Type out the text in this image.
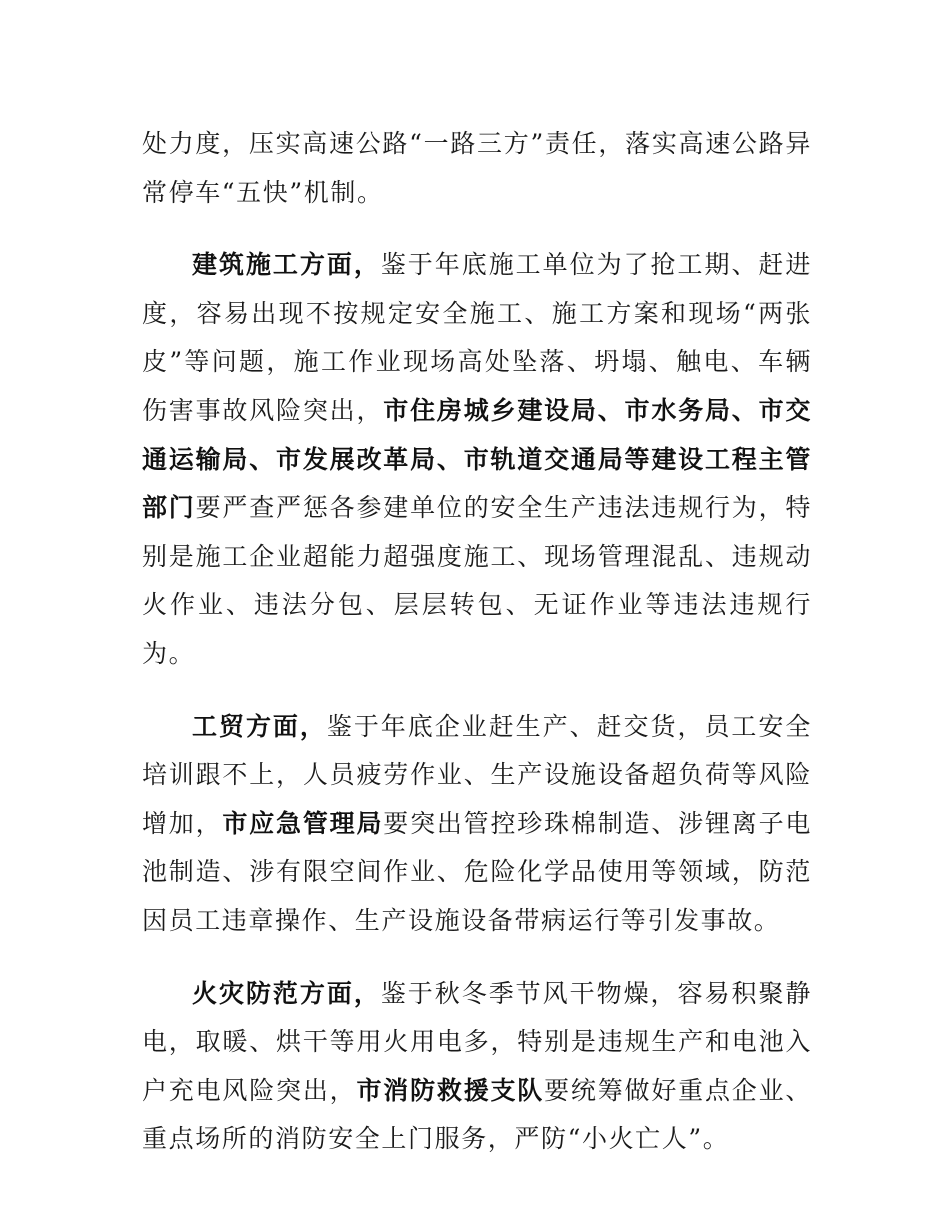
处力度，压实高速公路“一路三方”责任，落实高速公路异常停车“五快”机制。

建筑施工方面，鉴于年底施工单位为了抢工期、赶进度，容易出现不按规定安全施工、施工方案和现场“两张皮”等问题，施工作业现场高处坠落、坍塌、触电、车辆伤害事故风险突出，市住房城乡建设局、市水务局、市交通运输局、市发展改革局、市轨道交通局等建设工程主管部门要严查严惩各参建单位的安全生产违法违规行为，特别是施工企业超能力超强度施工、现场管理混乱、违规动火作业、违法分包、层层转包、无证作业等违法违规行为。

工贸方面，鉴于年底企业赶生产、赶交货，员工安全培训跟不上，人员疲劳作业、生产设施设备超负荷等风险增加，市应急管理局要突出管控珍珠棉制造、涉锂离子电池制造、涉有限空间作业、危险化学品使用等领域，防范因员工违章操作、生产设施设备带病运行等引发事故。

火灾防范方面，鉴于秋冬季节风干物燥，容易积聚静电，取暖、烘干等用火用电多，特别是违规生产和电池入户充电风险突出，市消防救援支队要统筹做好重点企业、重点场所的消防安全上门服务，严防“小火亡人”。
